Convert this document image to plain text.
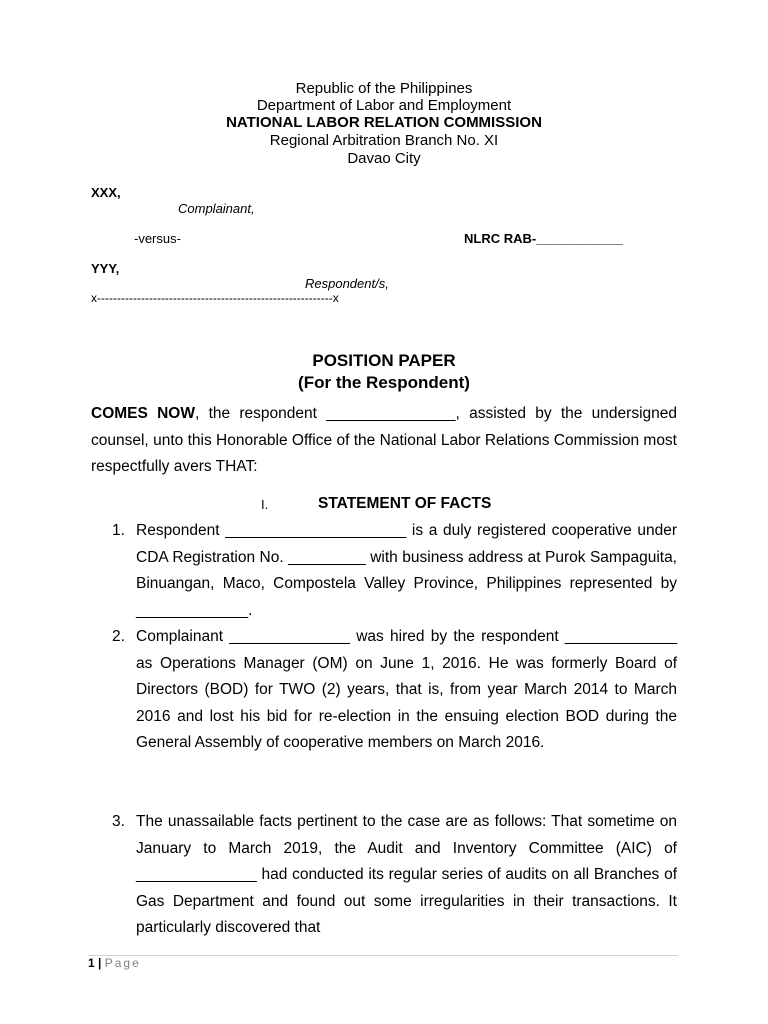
Republic of the Philippines
Department of Labor and Employment
NATIONAL LABOR RELATION COMMISSION
Regional Arbitration Branch No. XI
Davao City
XXX,
Complainant,
-versus-	NLRC RAB-____________
YYY,
Respondent/s,
x-----------------------------------------------------------x
POSITION PAPER
(For the Respondent)
COMES NOW, the respondent _______________, assisted by the undersigned counsel, unto this Honorable Office of the National Labor Relations Commission most respectfully avers THAT:
I.	STATEMENT OF FACTS
1. Respondent _____________________ is a duly registered cooperative under CDA Registration No. _________ with business address at Purok Sampaguita, Binuangan, Maco, Compostela Valley Province, Philippines represented by _____________.
2. Complainant ______________ was hired by the respondent _____________ as Operations Manager (OM) on June 1, 2016. He was formerly Board of Directors (BOD) for TWO (2) years, that is, from year March 2014 to March 2016 and lost his bid for re-election in the ensuing election BOD during the General Assembly of cooperative members on March 2016.
3. The unassailable facts pertinent to the case are as follows: That sometime on January to March 2019, the Audit and Inventory Committee (AIC) of ______________ had conducted its regular series of audits on all Branches of Gas Department and found out some irregularities in their transactions. It particularly discovered that
1 | Page
